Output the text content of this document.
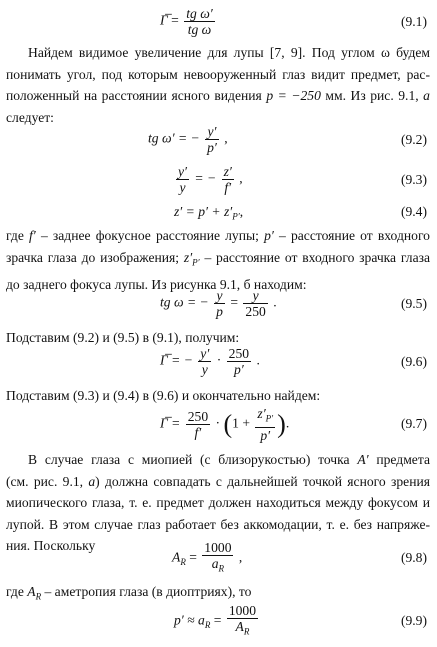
Γ̅ = $\frac{\text{tg ω′}}{\text{tg ω}}$	(9.1)
Найдем видимое увеличение для лупы [7, 9]. Под углом ω будем
понимать угол, под которым невооруженный глаз видит предмет, рас-
положенный на расстоянии ясного видения p = −250 мм. Из рис. 9.1, а
следует:
tg ω′ = − $\frac{y'}{p'}$ ,	(9.2)
$\frac{y'}{y}$ = − $\frac{z'}{f'}$ ,	(9.3)
$z' = p' + z'_{P'}$,	(9.4)
где f′ – заднее фокусное расстояние лупы; p′ – расстояние от входного
зрачка глаза до изображения; $z'_{P'}$ – расстояние от входного зрачка глаза
до заднего фокуса лупы. Из рисунка 9.1, б находим:
tg ω = − $\frac{y}{p} = \frac{y}{250}$ .	(9.5)
Подставим (9.2) и (9.5) в (9.1), получим:
Γ̅ = − $\frac{y'}{y} \cdot \frac{250}{p'}$ .	(9.6)
Подставим (9.3) и (9.4) в (9.6) и окончательно найдем:
Γ̅ = $\frac{250}{f'} \cdot (1 + \frac{z'_{P'}}{p'}$ ).	(9.7)
В случае глаза с миопией (с близорукостью) точка A′ предмета
(см. рис. 9.1, а) должна совпадать с дальнейшей точкой ясного зрения
миопического глаза, т. е. предмет должен находиться между фокусом и
лупой. В этом случае глаз работает без аккомодации, т. е. без напряже-
ния. Поскольку
$A_R = \frac{1000}{a_R}$ ,	(9.8)
где $A_R$ – аметропия глаза (в диоптриях), то
$p' \approx a_R = \frac{1000}{A_R}$	(9.9)
